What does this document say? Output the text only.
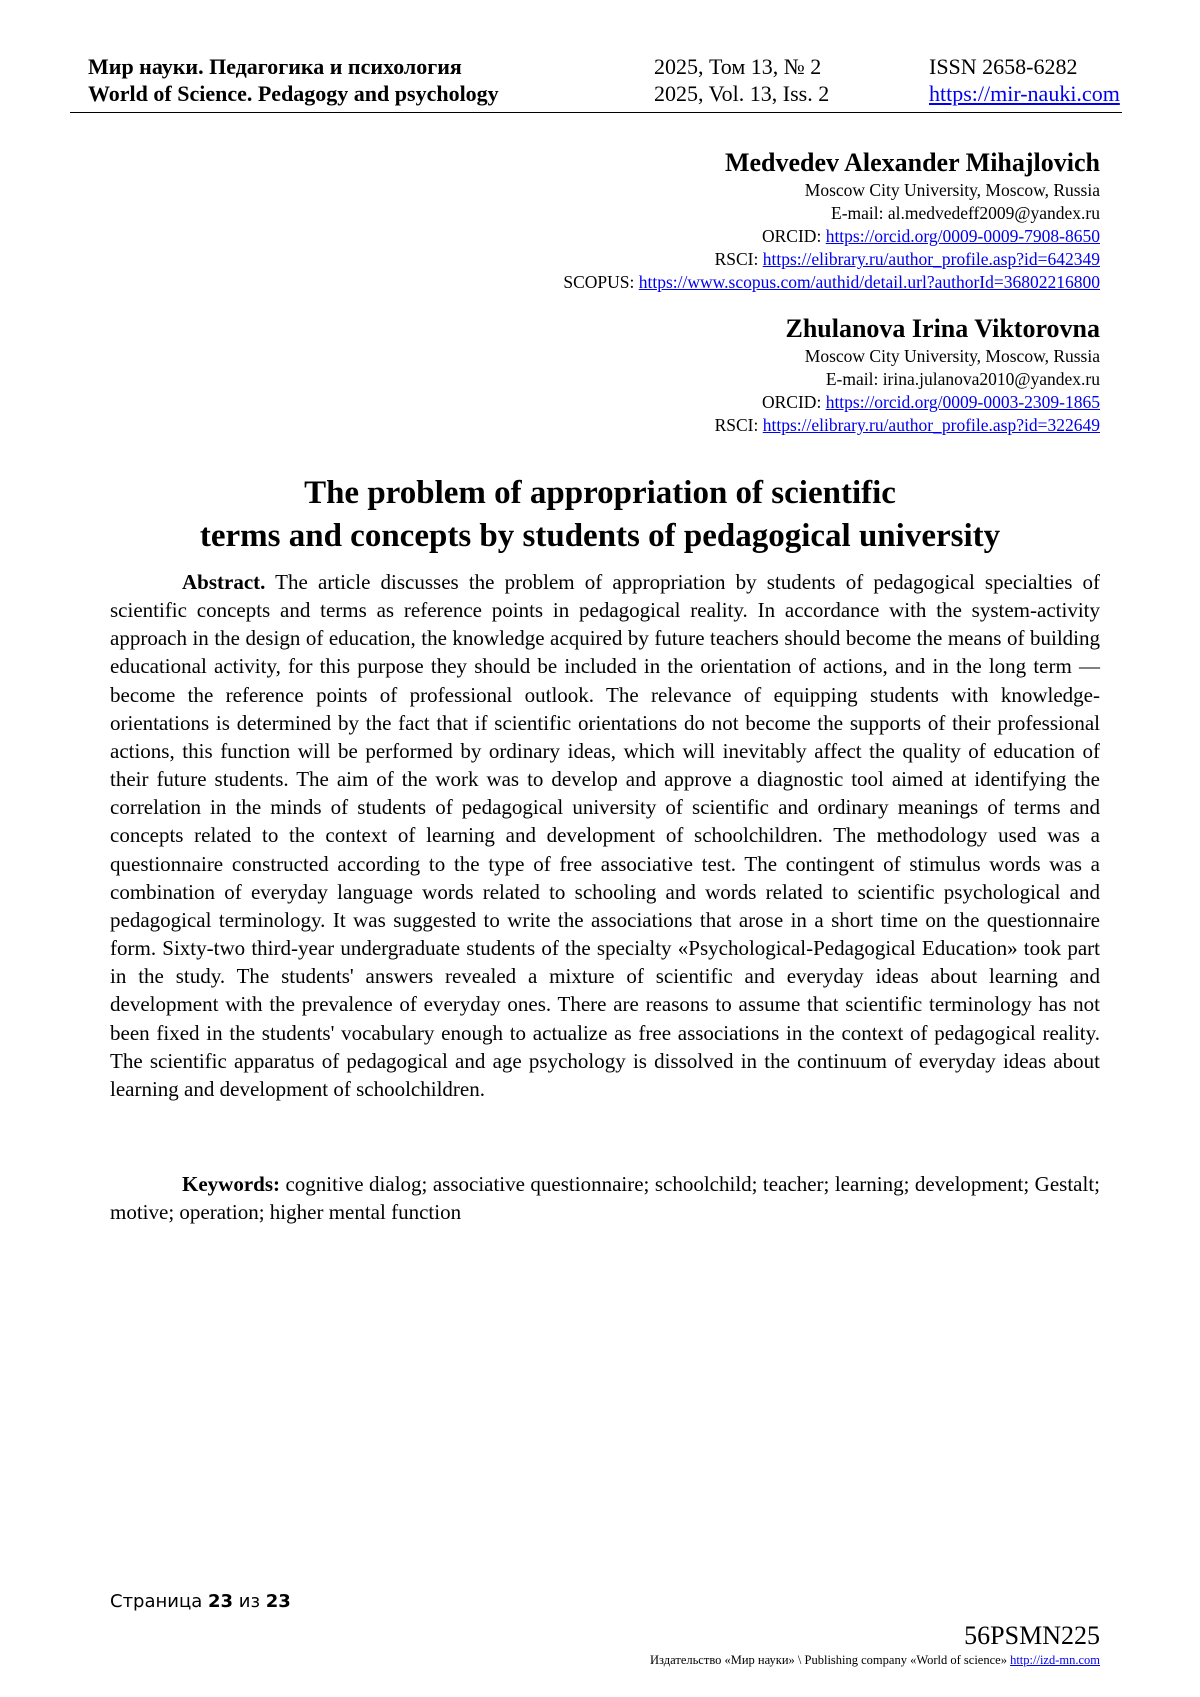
Мир науки. Педагогика и психология	2025, Том 13, № 2	ISSN 2658-6282
World of Science. Pedagogy and psychology	2025, Vol. 13, Iss. 2	https://mir-nauki.com
Medvedev Alexander Mihajlovich
Moscow City University, Moscow, Russia
E-mail: al.medvedeff2009@yandex.ru
ORCID: https://orcid.org/0009-0009-7908-8650
RSCI: https://elibrary.ru/author_profile.asp?id=642349
SCOPUS: https://www.scopus.com/authid/detail.url?authorId=36802216800
Zhulanova Irina Viktorovna
Moscow City University, Moscow, Russia
E-mail: irina.julanova2010@yandex.ru
ORCID: https://orcid.org/0009-0003-2309-1865
RSCI: https://elibrary.ru/author_profile.asp?id=322649
The problem of appropriation of scientific
terms and concepts by students of pedagogical university

Abstract. The article discusses the problem of appropriation by students of pedagogical specialties of scientific concepts and terms as reference points in pedagogical reality. In accordance with the system-activity approach in the design of education, the knowledge acquired by future teachers should become the means of building educational activity, for this purpose they should be included in the orientation of actions, and in the long term — become the reference points of professional outlook. The relevance of equipping students with knowledge-orientations is determined by the fact that if scientific orientations do not become the supports of their professional actions, this function will be performed by ordinary ideas, which will inevitably affect the quality of education of their future students. The aim of the work was to develop and approve a diagnostic tool aimed at identifying the correlation in the minds of students of pedagogical university of scientific and ordinary meanings of terms and concepts related to the context of learning and development of schoolchildren. The methodology used was a questionnaire constructed according to the type of free associative test. The contingent of stimulus words was a combination of everyday language words related to schooling and words related to scientific psychological and pedagogical terminology. It was suggested to write the associations that arose in a short time on the questionnaire form. Sixty-two third-year undergraduate students of the specialty «Psychological-Pedagogical Education» took part in the study. The students' answers revealed a mixture of scientific and everyday ideas about learning and development with the prevalence of everyday ones. There are reasons to assume that scientific terminology has not been fixed in the students' vocabulary enough to actualize as free associations in the context of pedagogical reality. The scientific apparatus of pedagogical and age psychology is dissolved in the continuum of everyday ideas about learning and development of schoolchildren.

Keywords: cognitive dialog; associative questionnaire; schoolchild; teacher; learning; development; Gestalt; motive; operation; higher mental function

Страница 23 из 23
56PSMN225
Издательство «Мир науки» \ Publishing company «World of science» http://izd-mn.com
